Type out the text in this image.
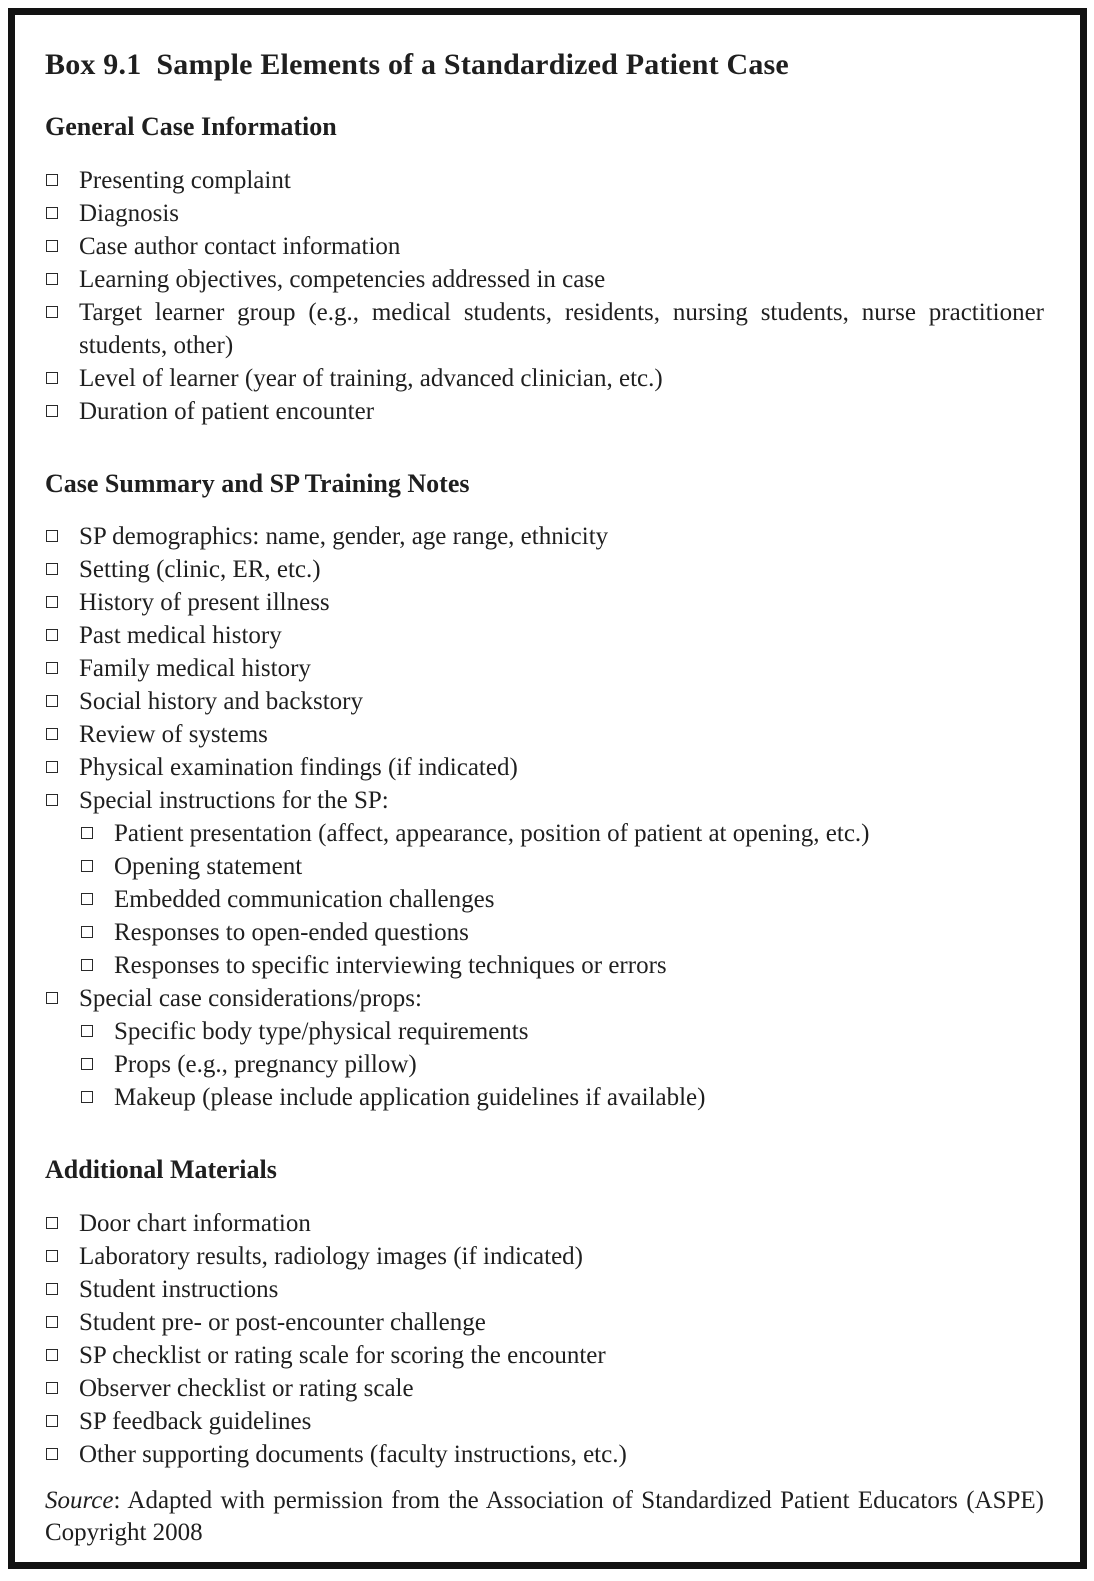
Box 9.1 Sample Elements of a Standardized Patient Case
General Case Information
Presenting complaint
Diagnosis
Case author contact information
Learning objectives, competencies addressed in case
Target learner group (e.g., medical students, residents, nursing students, nurse practitioner students, other)
Level of learner (year of training, advanced clinician, etc.)
Duration of patient encounter
Case Summary and SP Training Notes
SP demographics: name, gender, age range, ethnicity
Setting (clinic, ER, etc.)
History of present illness
Past medical history
Family medical history
Social history and backstory
Review of systems
Physical examination findings (if indicated)
Special instructions for the SP:
Patient presentation (affect, appearance, position of patient at opening, etc.)
Opening statement
Embedded communication challenges
Responses to open-ended questions
Responses to specific interviewing techniques or errors
Special case considerations/props:
Specific body type/physical requirements
Props (e.g., pregnancy pillow)
Makeup (please include application guidelines if available)
Additional Materials
Door chart information
Laboratory results, radiology images (if indicated)
Student instructions
Student pre- or post-encounter challenge
SP checklist or rating scale for scoring the encounter
Observer checklist or rating scale
SP feedback guidelines
Other supporting documents (faculty instructions, etc.)

Source: Adapted with permission from the Association of Standardized Patient Educators (ASPE)
Copyright 2008
